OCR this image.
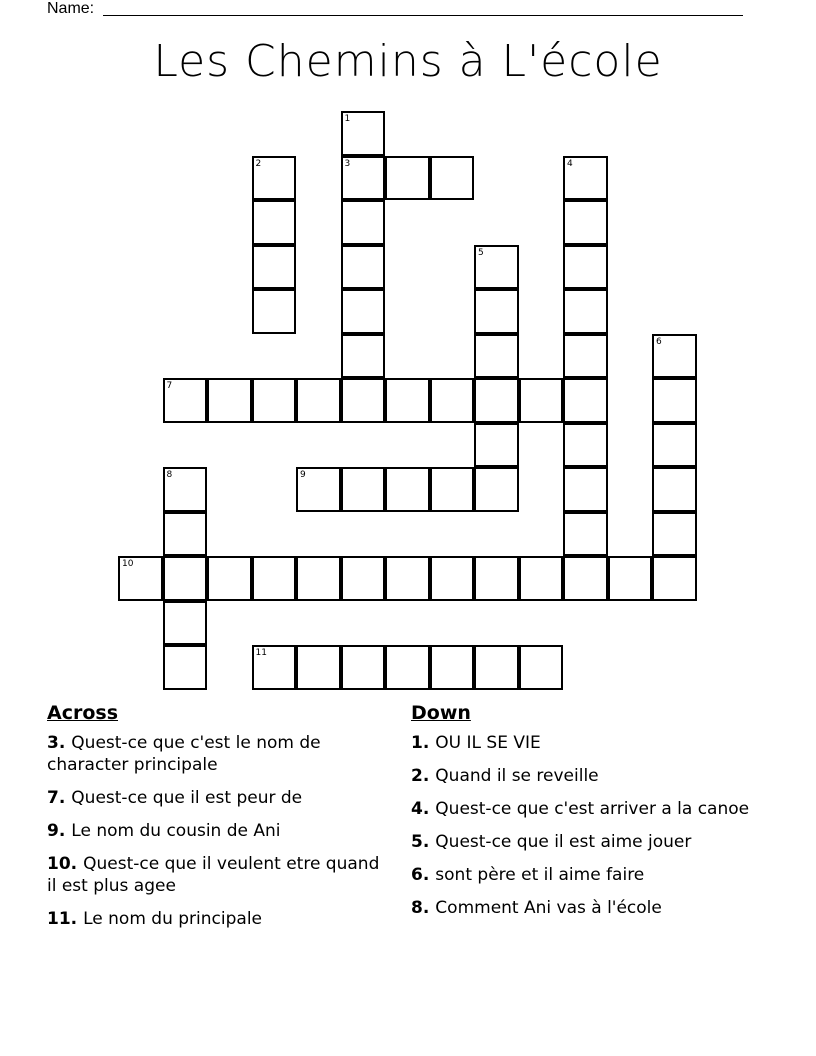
Name:
Les Chemins à L'école
1
3
2	4
5
6
7
8	9
10
11
Across
3. Quest-ce que c'est le nom de character principale
7. Quest-ce que il est peur de
9. Le nom du cousin de Ani
10. Quest-ce que il veulent etre quand il est plus agee
11. Le nom du principale
Down
1. OU IL SE VIE
2. Quand il se reveille
4. Quest-ce que c'est arriver a la canoe
5. Quest-ce que il est aime jouer
6. sont père et il aime faire
8. Comment Ani vas à l'école
